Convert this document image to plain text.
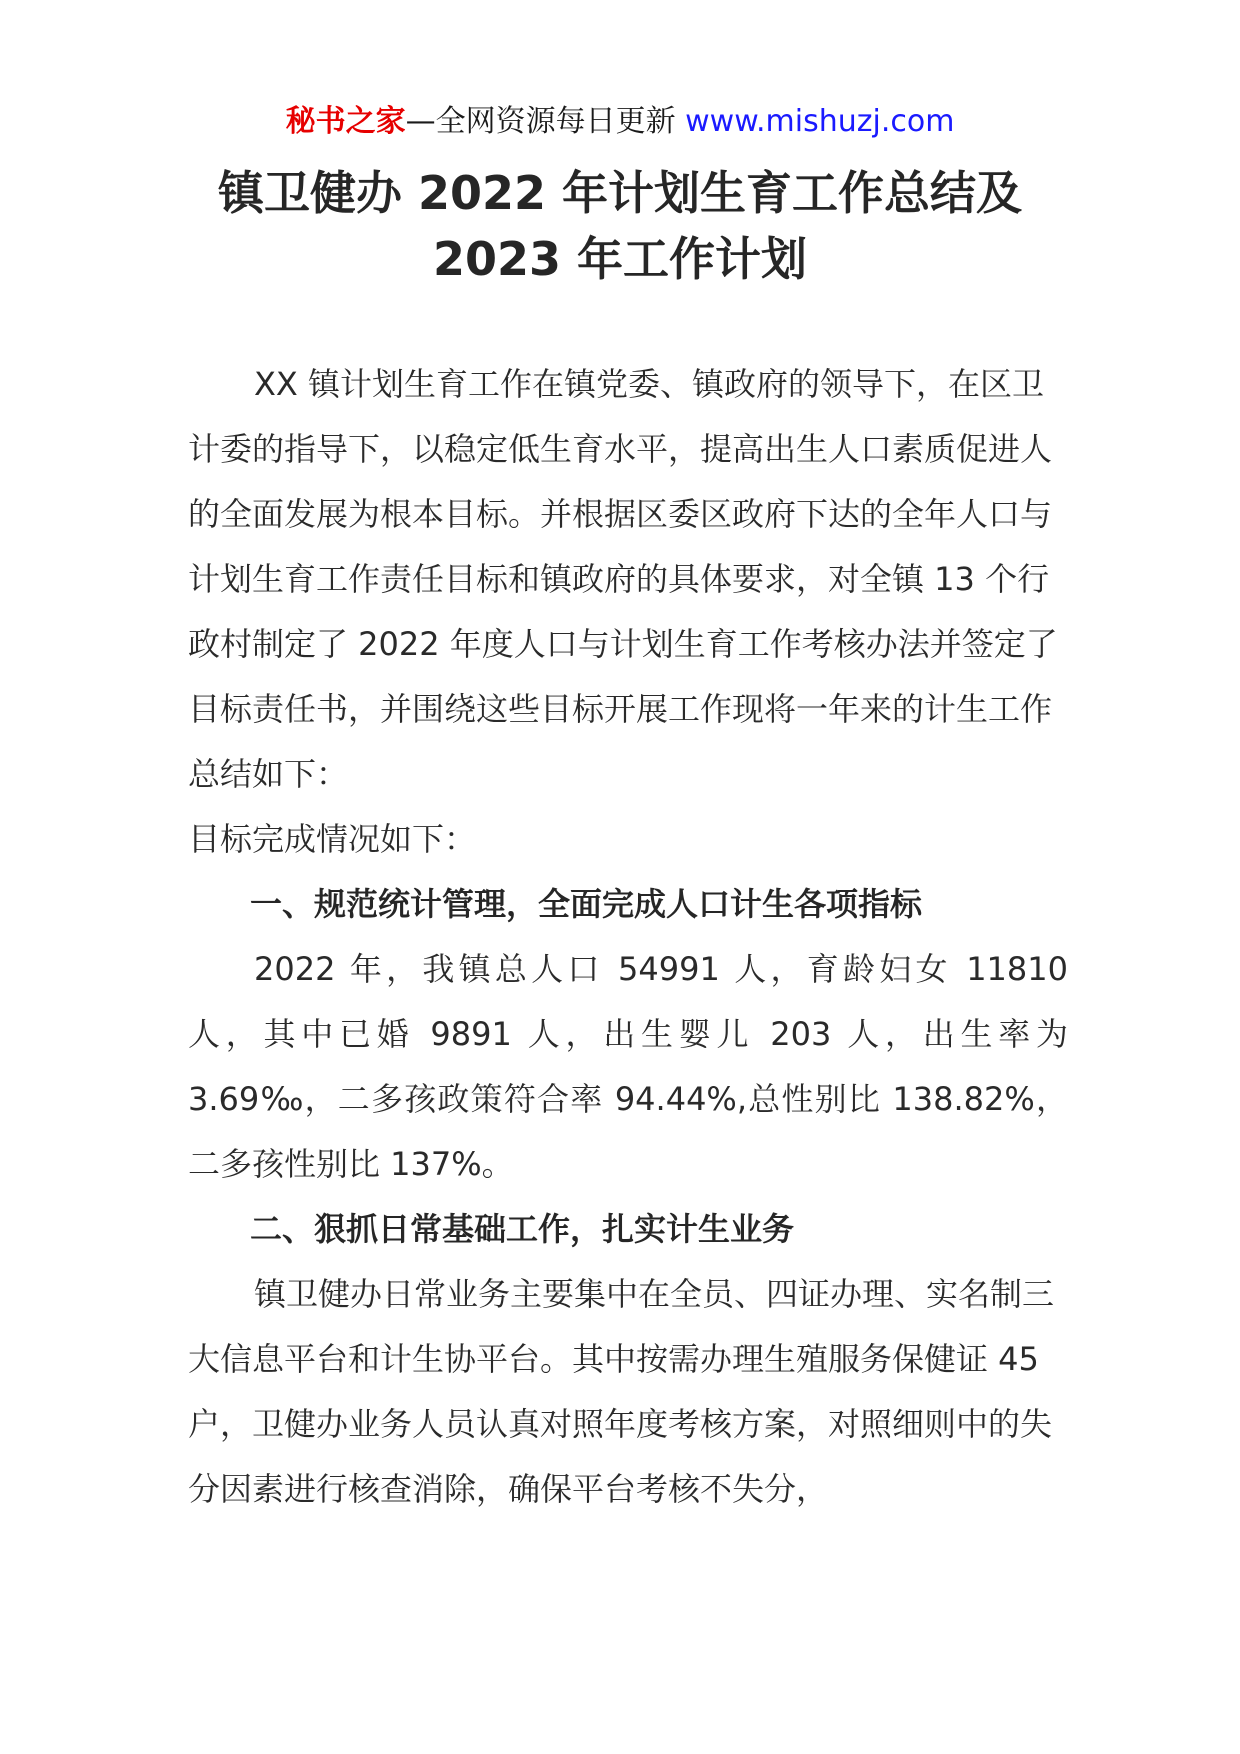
秘书之家—全网资源每日更新 www.mishuzj.com
镇卫健办 2022 年计划生育工作总结及
2023 年工作计划

XX 镇计划生育工作在镇党委、镇政府的领导下，在区卫计委的指导下，以稳定低生育水平，提高出生人口素质促进人的全面发展为根本目标。并根据区委区政府下达的全年人口与计划生育工作责任目标和镇政府的具体要求，对全镇 13 个行政村制定了 2022 年度人口与计划生育工作考核办法并签定了目标责任书，并围绕这些目标开展工作现将一年来的计生工作总结如下：

目标完成情况如下：

一、规范统计管理，全面完成人口计生各项指标

2022 年，我镇总人口 54991 人，育龄妇女 11810 人，其中已婚 9891 人，出生婴儿 203 人，出生率为 3.69‰，二多孩政策符合率 94.44%,总性别比 138.82%，二多孩性别比 137%。

二、狠抓日常基础工作，扎实计生业务

镇卫健办日常业务主要集中在全员、四证办理、实名制三大信息平台和计生协平台。其中按需办理生殖服务保健证 45 户，卫健办业务人员认真对照年度考核方案，对照细则中的失分因素进行核查消除，确保平台考核不失分，
